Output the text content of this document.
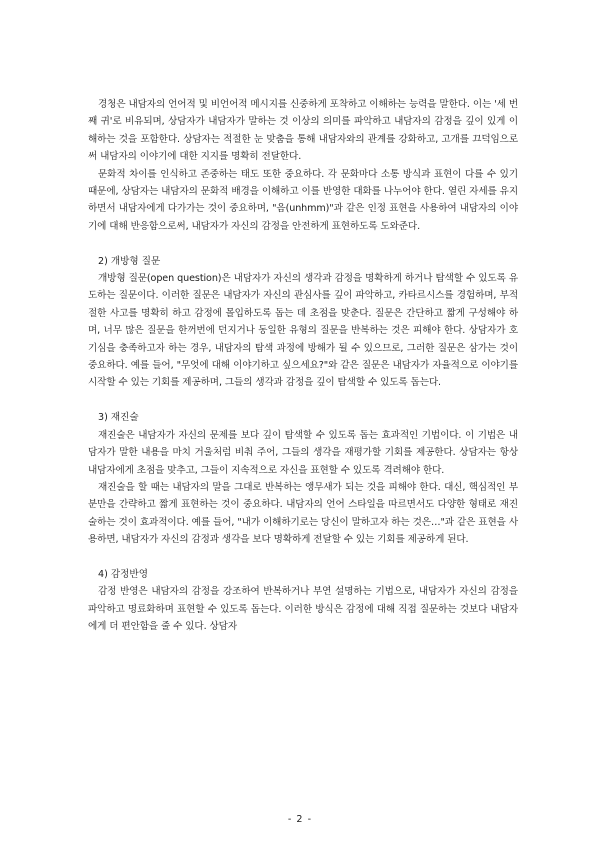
경청은 내담자의 언어적 및 비언어적 메시지를 신중하게 포착하고 이해하는 능력을 말한다. 이는 '세 번째 귀'로 비유되며, 상담자가 내담자가 말하는 것 이상의 의미를 파악하고 내담자의 감정을 깊이 있게 이해하는 것을 포함한다. 상담자는 적절한 눈 맞춤을 통해 내담자와의 관계를 강화하고, 고개를 끄덕임으로써 내담자의 이야기에 대한 지지를 명확히 전달한다.

문화적 차이를 인식하고 존중하는 태도 또한 중요하다. 각 문화마다 소통 방식과 표현이 다를 수 있기 때문에, 상담자는 내담자의 문화적 배경을 이해하고 이를 반영한 대화를 나누어야 한다. 열린 자세를 유지하면서 내담자에게 다가가는 것이 중요하며, "음(unhmm)"과 같은 인정 표현을 사용하여 내담자의 이야기에 대해 반응함으로써, 내담자가 자신의 감정을 안전하게 표현하도록 도와준다.

2) 개방형 질문

개방형 질문(open question)은 내담자가 자신의 생각과 감정을 명확하게 하거나 탐색할 수 있도록 유도하는 질문이다. 이러한 질문은 내담자가 자신의 관심사를 깊이 파악하고, 카타르시스를 경험하며, 부적절한 사고를 명확히 하고 감정에 몰입하도록 돕는 데 초점을 맞춘다. 질문은 간단하고 짧게 구성해야 하며, 너무 많은 질문을 한꺼번에 던지거나 동일한 유형의 질문을 반복하는 것은 피해야 한다. 상담자가 호기심을 충족하고자 하는 경우, 내담자의 탐색 과정에 방해가 될 수 있으므로, 그러한 질문은 삼가는 것이 중요하다. 예를 들어, "무엇에 대해 이야기하고 싶으세요?"와 같은 질문은 내담자가 자율적으로 이야기를 시작할 수 있는 기회를 제공하며, 그들의 생각과 감정을 깊이 탐색할 수 있도록 돕는다.

3) 재진술

재진술은 내담자가 자신의 문제를 보다 깊이 탐색할 수 있도록 돕는 효과적인 기법이다. 이 기법은 내담자가 말한 내용을 마치 거울처럼 비춰 주어, 그들의 생각을 재평가할 기회를 제공한다. 상담자는 항상 내담자에게 초점을 맞추고, 그들이 지속적으로 자신을 표현할 수 있도록 격려해야 한다.

재진술을 할 때는 내담자의 말을 그대로 반복하는 앵무새가 되는 것을 피해야 한다. 대신, 핵심적인 부분만을 간략하고 짧게 표현하는 것이 중요하다. 내담자의 언어 스타일을 따르면서도 다양한 형태로 재진술하는 것이 효과적이다. 예를 들어, "내가 이해하기로는 당신이 말하고자 하는 것은…"과 같은 표현을 사용하면, 내담자가 자신의 감정과 생각을 보다 명확하게 전달할 수 있는 기회를 제공하게 된다.

4) 감정반영

감정 반영은 내담자의 감정을 강조하여 반복하거나 부연 설명하는 기법으로, 내담자가 자신의 감정을 파악하고 명료화하며 표현할 수 있도록 돕는다. 이러한 방식은 감정에 대해 직접 질문하는 것보다 내담자에게 더 편안함을 줄 수 있다. 상담자

- 2 -
